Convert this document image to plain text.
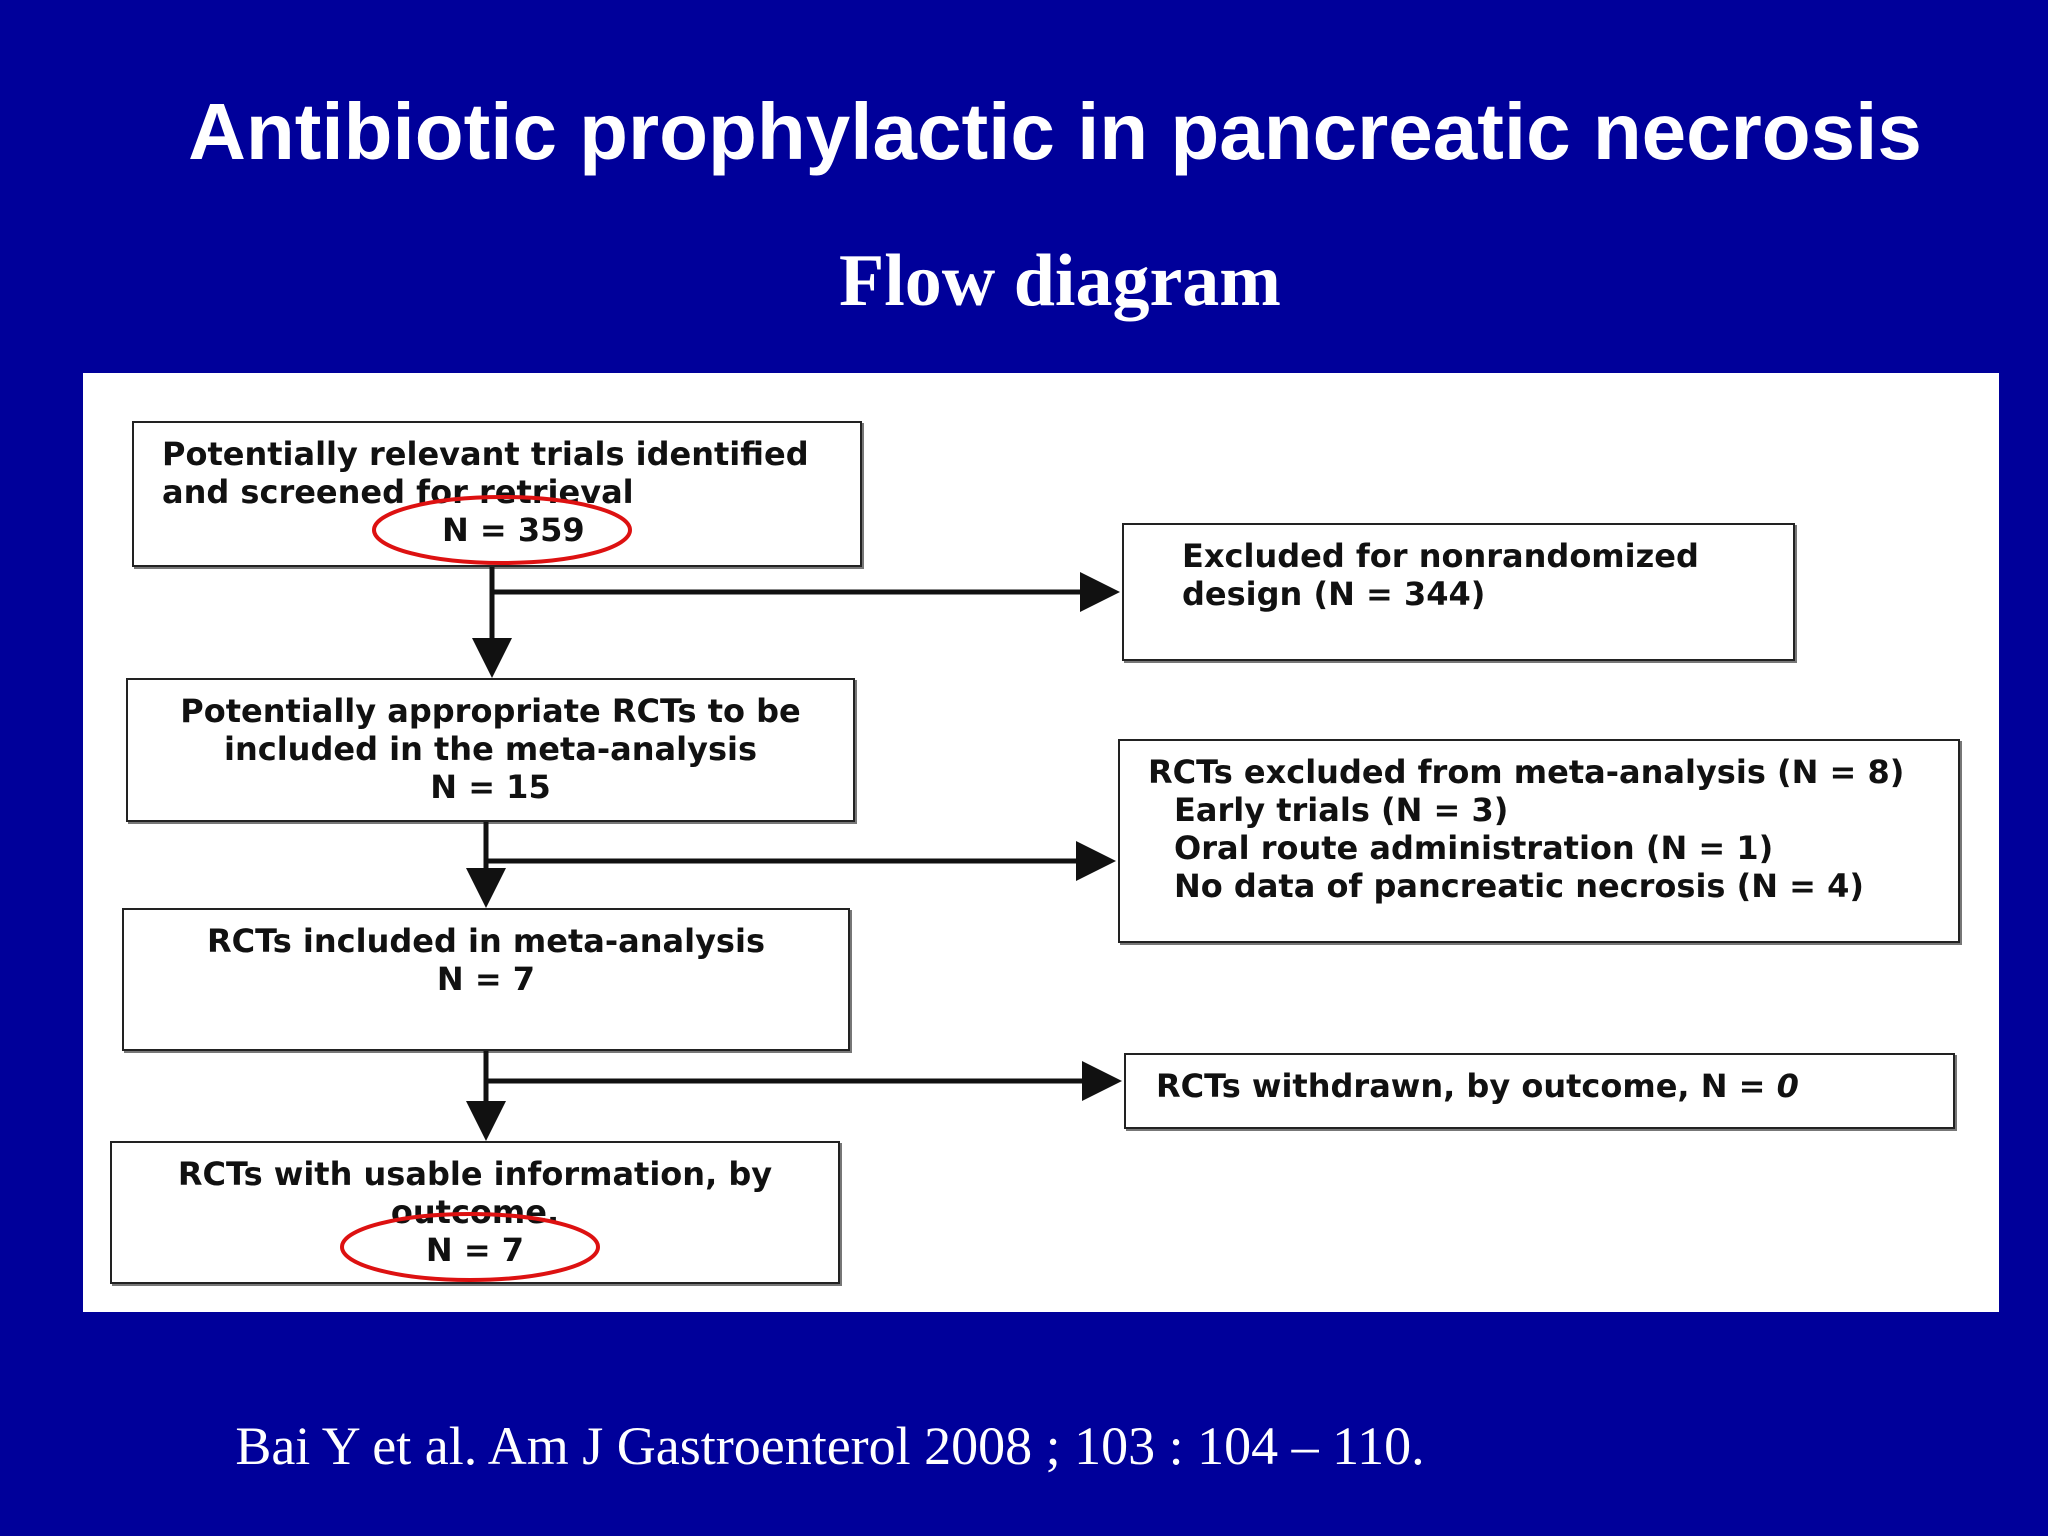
Antibiotic prophylactic in pancreatic necrosis
Flow diagram
Potentially relevant trials identified
and screened for retrieval
N = 359
Excluded for nonrandomized
design (N = 344)
Potentially appropriate RCTs to be
included in the meta-analysis
N = 15	RCTs excluded from meta-analysis (N = 8)
Early trials (N = 3)
Oral route administration (N = 1)
No data of pancreatic necrosis (N = 4)
RCTs included in meta-analysis
N = 7
RCTs withdrawn, by outcome, N = 0
RCTs with usable information, by
outcome.
N = 7
Bai Y et al. Am J Gastroenterol 2008 ; 103 : 104 – 110.
